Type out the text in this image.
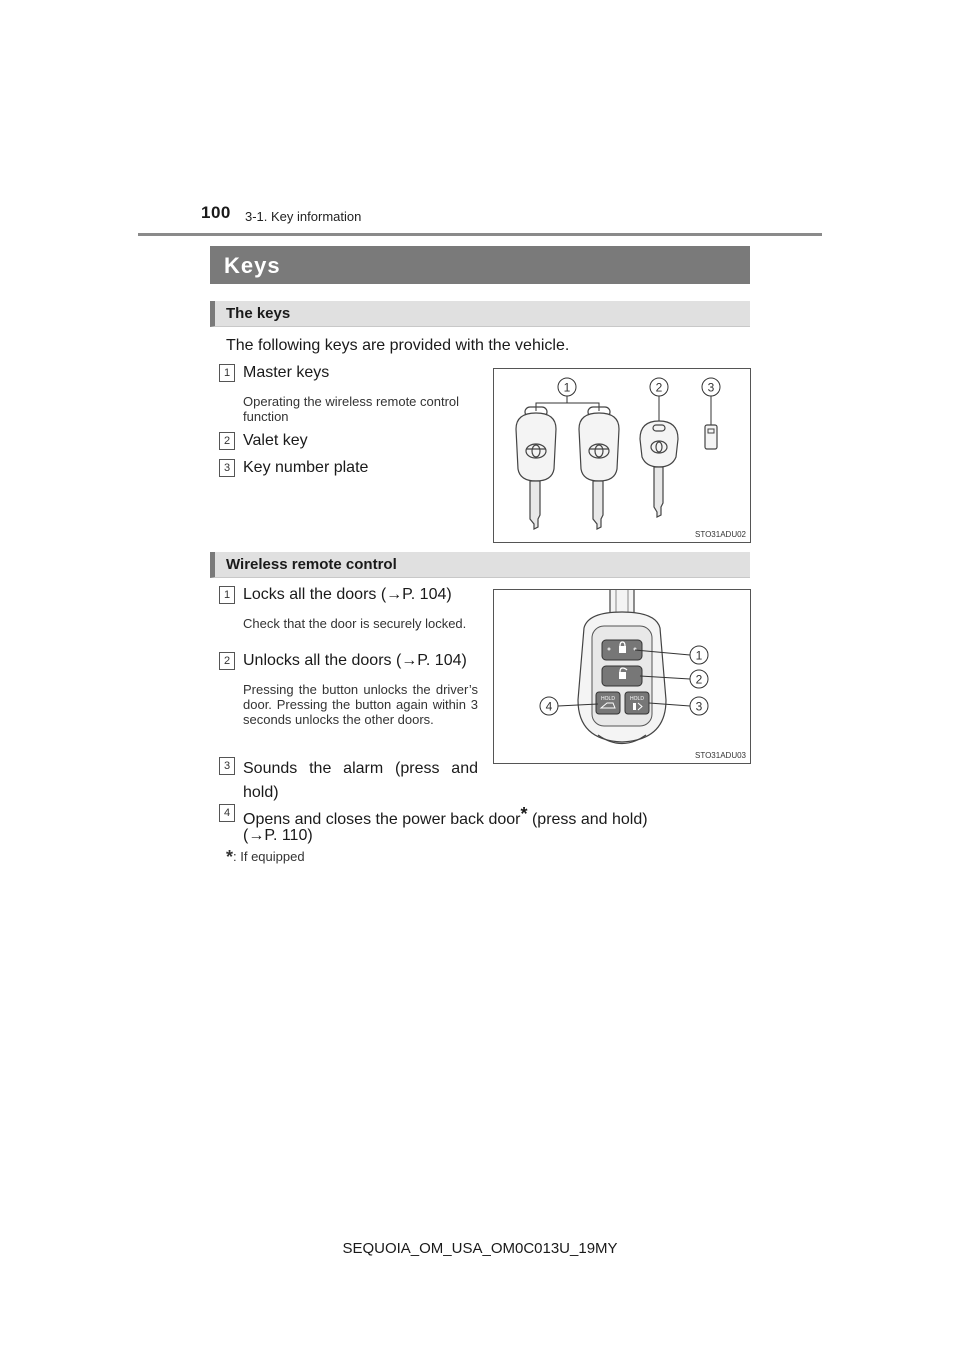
100 3-1. Key information
Keys
The keys
The following keys are provided with the vehicle.
1 Master keys
Operating the wireless remote control function
2 Valet key
3 Key number plate
1	2	3
STO31ADU02
Wireless remote control
1 Locks all the doors (→P. 104)
Check that the door is securely locked.
2 Unlocks all the doors (→P. 104)
Pressing the button unlocks the driver’s door. Pressing the button again within 3 seconds unlocks the other doors.
3 Sounds the alarm (press and hold)
4 Opens and closes the power back door* (press and hold)
(→P. 110)
HOLD	HOLD
1
2
3
4
STO31ADU03
*: If equipped
SEQUOIA_OM_USA_OM0C013U_19MY
